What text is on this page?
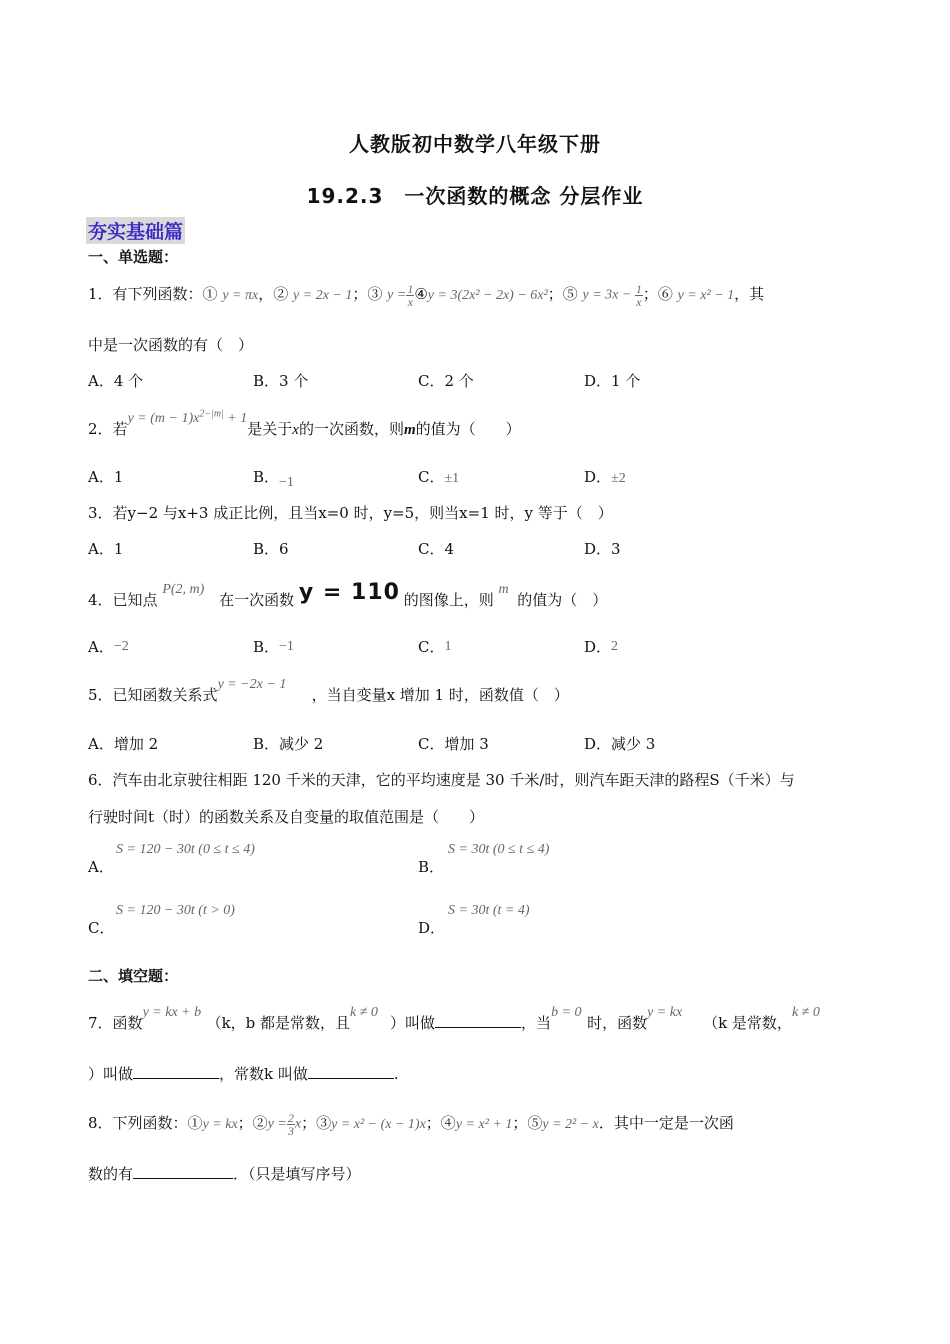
人教版初中数学八年级下册
19.2.3　一次函数的概念 分层作业
夯实基础篇
一、单选题：
1．有下列函数：① y = πx，② y = 2x − 1；③ $y = \frac{1}{x}$ ④y = 3(2x² − 2x) − 6x²；⑤ $y = 3x - \frac{1}{x}$ ；⑥ y = x² − 1，其
中是一次函数的有（　）
A．4 个	B．3 个	C．2 个	D．1 个
2．若$y = (m - 1)x^{2-|m|} + 1$是关于x的一次函数，则m的值为（　　）
A．1	B．−1	C．±1	D．±2
3．若y−2 与x+3 成正比例，且当x=0 时，y=5，则当x=1 时，y 等于（　）
A．1	B．6	C．4	D．3
4．已知点 P(2, m) 在一次函数 y = 110 的图像上，则 m 的值为（　）
A．−2	B．−1	C．1	D．2
5．已知函数关系式y = −2x − 1，当自变量x 增加 1 时，函数值（　）
A．增加 2	B．减少 2	C．增加 3	D．减少 3
6．汽车由北京驶往相距 120 千米的天津，它的平均速度是 30 千米/时，则汽车距天津的路程S（千米）与
行驶时间t（时）的函数关系及自变量的取值范围是（　　）
S = 120 − 30t (0 ≤ t ≤ 4)
A．
S = 30t (0 ≤ t ≤ 4)
B．
S = 120 − 30t (t > 0)
C．
S = 30t (t = 4)
D．
二、填空题：
7．函数y = kx + b（k，b 都是常数，且k ≠ 0）叫做	，当b = 0时，函数y = kx（k 是常数，k ≠ 0
）叫做	，常数k 叫做	.
8．下列函数：①y = kx；②y = $\frac{2}{3}$ x；③y = x² − (x − 1)x；④y = x² + 1；⑤y = 2² − x．其中一定是一次函
数的有	．（只是填写序号）
